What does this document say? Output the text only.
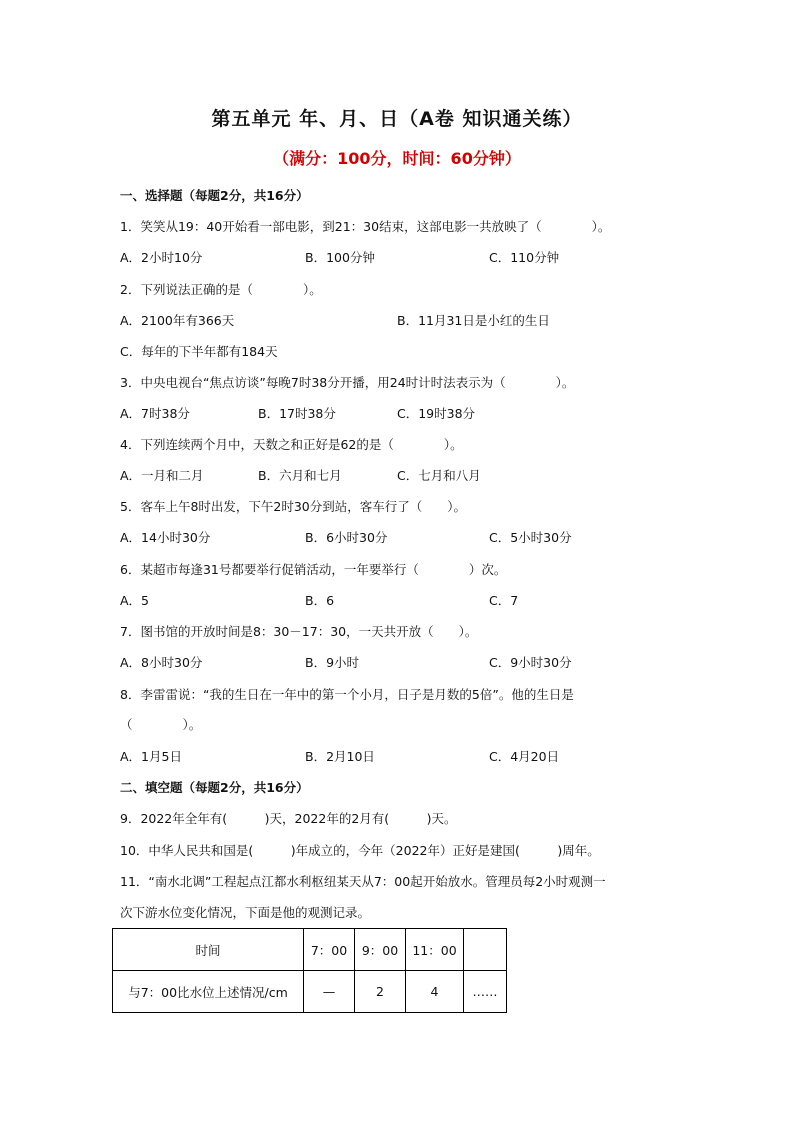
第五单元 年、月、日（A卷 知识通关练）
（满分：100分，时间：60分钟）
一、选择题（每题2分，共16分）
1．笑笑从19：40开始看一部电影，到21：30结束，这部电影一共放映了（　　　　）。
A．2小时10分	B．100分钟	C．110分钟
2．下列说法正确的是（　　　　）。
A．2100年有366天	B．11月31日是小红的生日
C．每年的下半年都有184天
3．中央电视台“焦点访谈”每晚7时38分开播，用24时计时法表示为（　　　　）。
A．7时38分	B．17时38分	C．19时38分
4．下列连续两个月中，天数之和正好是62的是（　　　　）。
A．一月和二月	B．六月和七月	C．七月和八月
5．客车上午8时出发，下午2时30分到站，客车行了（　　）。
A．14小时30分	B．6小时30分	C．5小时30分
6．某超市每逢31号都要举行促销活动，一年要举行（　　　　）次。
A．5	B．6	C．7
7．图书馆的开放时间是8：30－17：30，一天共开放（　　）。
A．8小时30分	B．9小时	C．9小时30分
8．李雷雷说：“我的生日在一年中的第一个小月，日子是月数的5倍”。他的生日是
（　　　　）。
A．1月5日	B．2月10日	C．4月20日
二、填空题（每题2分，共16分）
9．2022年全年有(　　　)天，2022年的2月有(　　　)天。
10．中华人民共和国是(　　　)年成立的，今年（2022年）正好是建国(　　　)周年。
11．“南水北调”工程起点江都水利枢纽某天从7：00起开始放水。管理员每2小时观测一
次下游水位变化情况，下面是他的观测记录。
时间	7：00	9：00	11：00	
与7：00比水位上述情况/cm	—	2	4	……
